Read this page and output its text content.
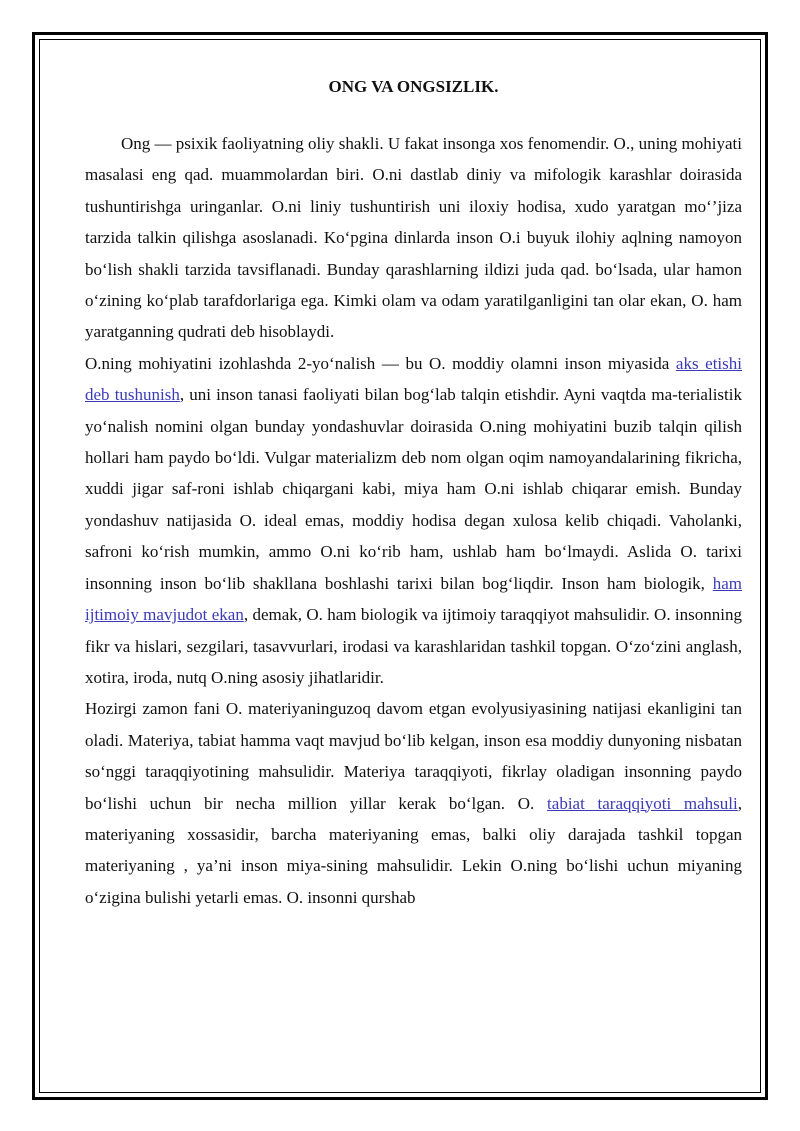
ONG VA ONGSIZLIK.

Ong — psixik faoliyatning oliy shakli. U fakat insonga xos fenomendir. O., uning mohiyati masalasi eng qad. muammolardan biri. O.ni dastlab diniy va mifologik karashlar doirasida tushuntirishga uringanlar. O.ni liniy tushuntirish uni iloxiy hodisa, xudo yaratgan mo‘’jiza tarzida talkin qilishga asoslanadi. Ko‘pgina dinlarda inson O.i buyuk ilohiy aqlning namoyon bo‘lish shakli tarzida tavsiflanadi. Bunday qarashlarning ildizi juda qad. bo‘lsada, ular hamon o‘zining ko‘plab tarafdorlariga ega. Kimki olam va odam yaratilganligini tan olar ekan, O. ham yaratganning qudrati deb hisoblaydi.

O.ning mohiyatini izohlashda 2-yo‘nalish — bu O. moddiy olamni inson miyasida aks etishi deb tushunish, uni inson tanasi faoliyati bilan bog‘lab talqin etishdir. Ayni vaqtda ma-terialistik yo‘nalish nomini olgan bunday yondashuvlar doirasida O.ning mohiyatini buzib talqin qilish hollari ham paydo bo‘ldi. Vulgar materializm deb nom olgan oqim namoyandalarining fikricha, xuddi jigar saf-roni ishlab chiqargani kabi, miya ham O.ni ishlab chiqarar emish. Bunday yondashuv natijasida O. ideal emas, moddiy hodisa degan xulosa kelib chiqadi. Vaholanki, safroni ko‘rish mumkin, ammo O.ni ko‘rib ham, ushlab ham bo‘lmaydi. Aslida O. tarixi insonning inson bo‘lib shakllana boshlashi tarixi bilan bog‘liqdir. Inson ham biologik, ham ijtimoiy mavjudot ekan, demak, O. ham biologik va ijtimoiy taraqqiyot mahsulidir. O. insonning fikr va hislari, sezgilari, tasavvurlari, irodasi va karashlaridan tashkil topgan. O‘zo‘zini anglash, xotira, iroda, nutq O.ning asosiy jihatlaridir.

Hozirgi zamon fani O. materiyaninguzoq davom etgan evolyusiyasining natijasi ekanligini tan oladi. Materiya, tabiat hamma vaqt mavjud bo‘lib kelgan, inson esa moddiy dunyoning nisbatan so‘nggi taraqqiyotining mahsulidir. Materiya taraqqiyoti, fikrlay oladigan insonning paydo bo‘lishi uchun bir necha million yillar kerak bo‘lgan. O. tabiat taraqqiyoti mahsuli, materiyaning xossasidir, barcha materiyaning emas, balki oliy darajada tashkil topgan materiyaning , ya’ni inson miya-sining mahsulidir. Lekin O.ning bo‘lishi uchun miyaning o‘zigina bulishi yetarli emas. O. insonni qurshab
